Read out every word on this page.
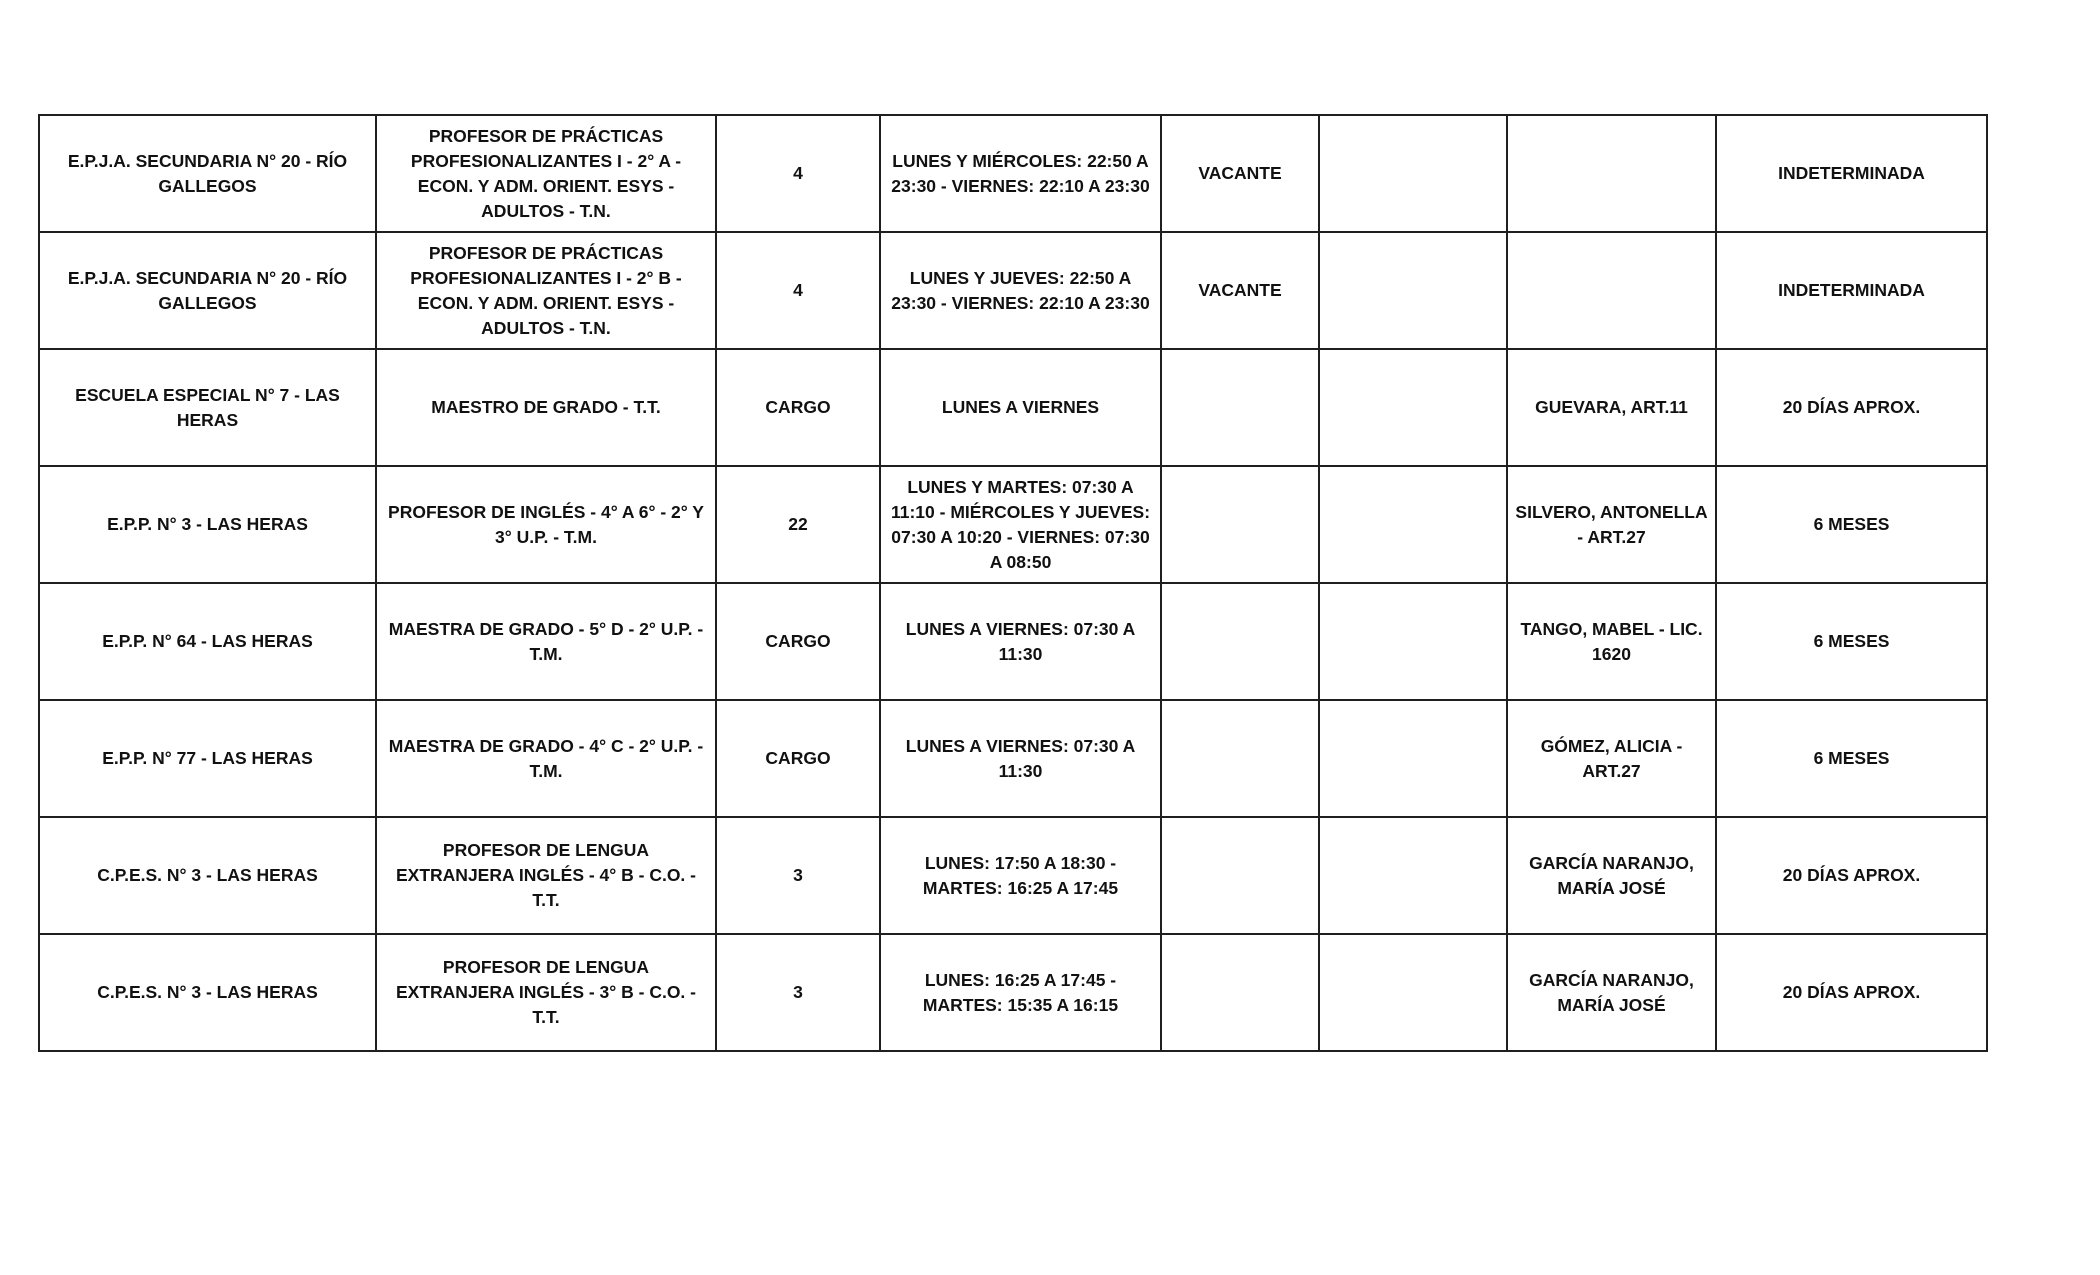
E.P.J.A. SECUNDARIA N° 20 - RÍO GALLEGOS	PROFESOR DE PRÁCTICAS PROFESIONALIZANTES I - 2° A - ECON. Y ADM. ORIENT. ESYS - ADULTOS - T.N.	4	LUNES Y MIÉRCOLES: 22:50 A 23:30 - VIERNES: 22:10 A 23:30	VACANTE			INDETERMINADA
E.P.J.A. SECUNDARIA N° 20 - RÍO GALLEGOS	PROFESOR DE PRÁCTICAS PROFESIONALIZANTES I - 2° B - ECON. Y ADM. ORIENT. ESYS - ADULTOS - T.N.	4	LUNES Y JUEVES: 22:50 A 23:30 - VIERNES: 22:10 A 23:30	VACANTE			INDETERMINADA
ESCUELA ESPECIAL N° 7 - LAS HERAS	MAESTRO DE GRADO - T.T.	CARGO	LUNES A VIERNES			GUEVARA, ART.11	20 DÍAS APROX.
E.P.P. N° 3 - LAS HERAS	PROFESOR DE INGLÉS - 4° A 6° - 2° Y 3° U.P. - T.M.	22	LUNES Y MARTES: 07:30 A 11:10 - MIÉRCOLES Y JUEVES: 07:30 A 10:20 - VIERNES: 07:30 A 08:50			SILVERO, ANTONELLA - ART.27	6 MESES
E.P.P. N° 64 - LAS HERAS	MAESTRA DE GRADO - 5° D - 2° U.P. - T.M.	CARGO	LUNES A VIERNES: 07:30 A 11:30			TANGO, MABEL - LIC. 1620	6 MESES
E.P.P. N° 77 - LAS HERAS	MAESTRA DE GRADO - 4° C - 2° U.P. - T.M.	CARGO	LUNES A VIERNES: 07:30 A 11:30			GÓMEZ, ALICIA - ART.27	6 MESES
C.P.E.S. N° 3 - LAS HERAS	PROFESOR DE LENGUA EXTRANJERA INGLÉS - 4° B - C.O. - T.T.	3	LUNES: 17:50 A 18:30 - MARTES: 16:25 A 17:45			GARCÍA NARANJO, MARÍA JOSÉ	20 DÍAS APROX.
C.P.E.S. N° 3 - LAS HERAS	PROFESOR DE LENGUA EXTRANJERA INGLÉS - 3° B - C.O. - T.T.	3	LUNES: 16:25 A 17:45 - MARTES: 15:35 A 16:15			GARCÍA NARANJO, MARÍA JOSÉ	20 DÍAS APROX.
